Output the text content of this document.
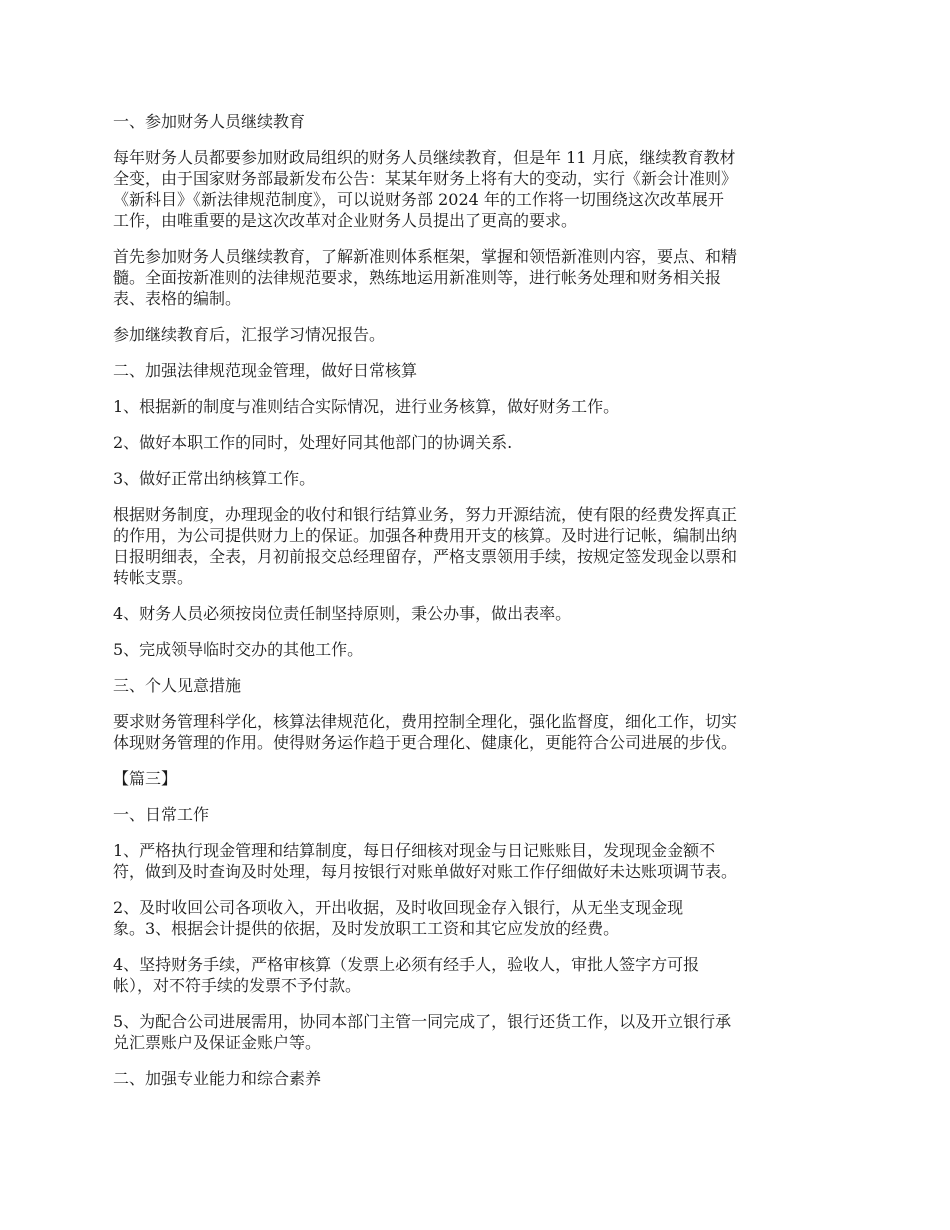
一、参加财务人员继续教育

每年财务人员都要参加财政局组织的财务人员继续教育，但是年 11 月底，继续教育教材
全变，由于国家财务部最新发布公告：某某年财务上将有大的变动，实行《新会计准则》
《新科目》《新法律规范制度》，可以说财务部 2024 年的工作将一切围绕这次改革展开
工作，由唯重要的是这次改革对企业财务人员提出了更高的要求。

首先参加财务人员继续教育，了解新准则体系框架，掌握和领悟新准则内容，要点、和精
髓。全面按新准则的法律规范要求，熟练地运用新准则等，进行帐务处理和财务相关报
表、表格的编制。

参加继续教育后，汇报学习情况报告。

二、加强法律规范现金管理，做好日常核算

1、根据新的制度与准则结合实际情况，进行业务核算，做好财务工作。

2、做好本职工作的同时，处理好同其他部门的协调关系.

3、做好正常出纳核算工作。

根据财务制度，办理现金的收付和银行结算业务，努力开源结流，使有限的经费发挥真正
的作用，为公司提供财力上的保证。加强各种费用开支的核算。及时进行记帐，编制出纳
日报明细表，全表，月初前报交总经理留存，严格支票领用手续，按规定签发现金以票和
转帐支票。

4、财务人员必须按岗位责任制坚持原则，秉公办事，做出表率。

5、完成领导临时交办的其他工作。

三、个人见意措施

要求财务管理科学化，核算法律规范化，费用控制全理化，强化监督度，细化工作，切实
体现财务管理的作用。使得财务运作趋于更合理化、健康化，更能符合公司进展的步伐。

【篇三】

一、日常工作

1、严格执行现金管理和结算制度，每日仔细核对现金与日记账账目，发现现金金额不
符，做到及时查询及时处理，每月按银行对账单做好对账工作仔细做好未达账项调节表。

2、及时收回公司各项收入，开出收据，及时收回现金存入银行，从无坐支现金现
象。3、根据会计提供的依据，及时发放职工工资和其它应发放的经费。

4、坚持财务手续，严格审核算（发票上必须有经手人，验收人，审批人签字方可报
帐），对不符手续的发票不予付款。

5、为配合公司进展需用，协同本部门主管一同完成了，银行还货工作，以及开立银行承
兑汇票账户及保证金账户等。

二、加强专业能力和综合素养
